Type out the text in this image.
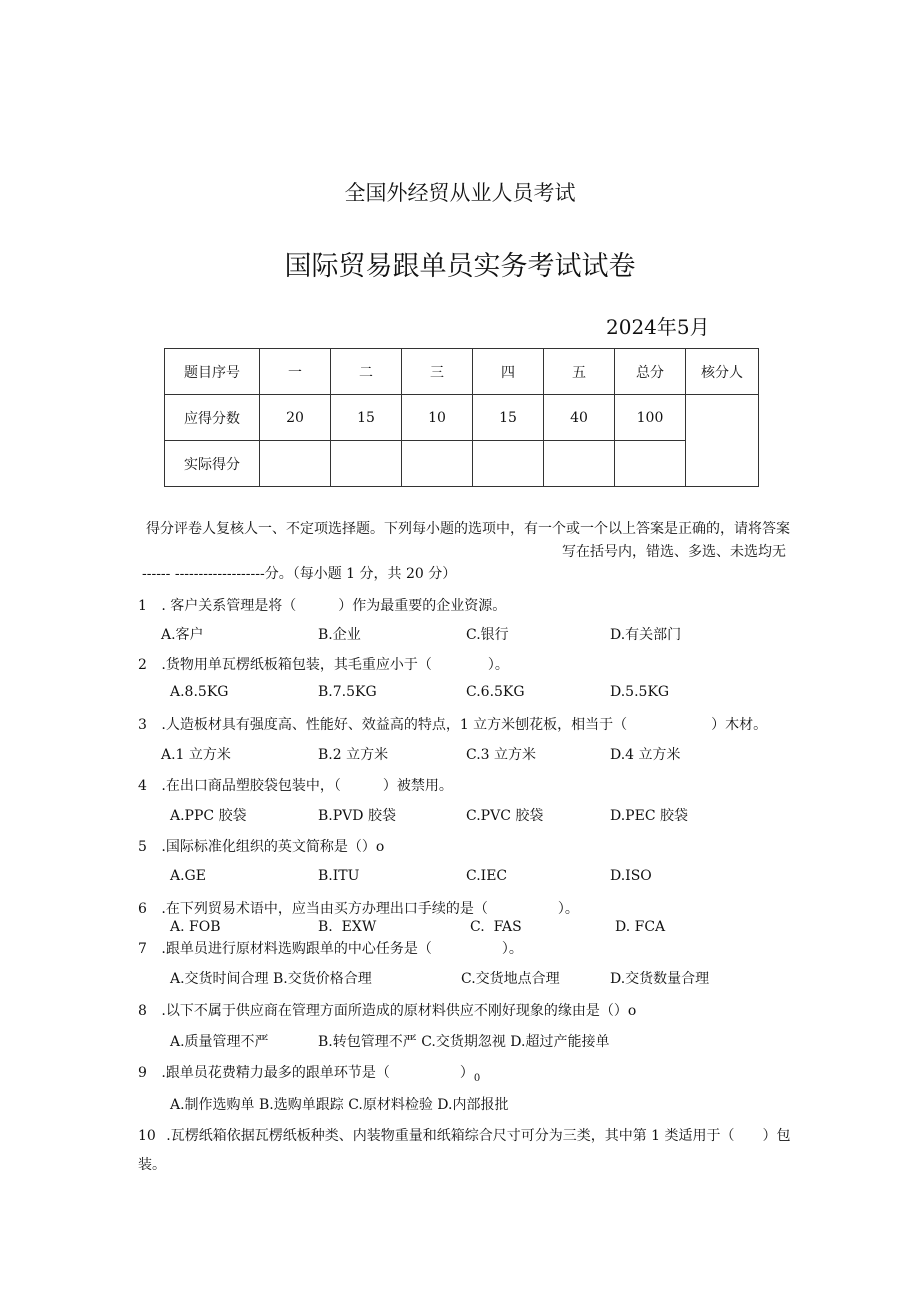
全国外经贸从业人员考试
国际贸易跟单员实务考试试卷
2024年5月
题目序号	一	二	三	四	五	总分	核分人
应得分数	20	15	10	15	40	100	
实际得分							
得分评卷人复核人一、不定项选择题。下列每小题的选项中，有一个或一个以上答案是正确的，请将答案
写在括号内，错选、多选、未选均无
------ -------------------分。（每小题 1 分，共 20 分）
1 . 客户关系管理是将（　　　）作为最重要的企业资源。
A.客户	B.企业	C.银行	D.有关部门
2 .货物用单瓦楞纸板箱包装，其毛重应小于（　　　　）。
A.8.5KG	B.7.5KG	C.6.5KG	D.5.5KG
3 .人造板材具有强度高、性能好、效益高的特点，1 立方米刨花板，相当于（　　　　　　）木材。
A.1 立方米	B.2 立方米	C.3 立方米	D.4 立方米
4 .在出口商品塑胶袋包装中，（　　　）被禁用。
A.PPC 胶袋	B.PVD 胶袋	C.PVC 胶袋	D.PEC 胶袋
5 .国际标准化组织的英文简称是（）o
A.GE	B.ITU	C.IEC	D.ISO
6 .在下列贸易术语中，应当由买方办理出口手续的是（　　　　　）。
A. FOB	B.  EXW	C.  FAS	D. FCA
7 .跟单员进行原材料选购跟单的中心任务是（　　　　　）。
A.交货时间合理 B.交货价格合理	C.交货地点合理	D.交货数量合理
8 .以下不属于供应商在管理方面所造成的原材料供应不刚好现象的缘由是（）o
A.质量管理不严	B.转包管理不严 C.交货期忽视 D.超过产能接单
9 .跟单员花费精力最多的跟单环节是（　　　　　）$_0$
A.制作选购单 B.选购单跟踪 C.原材料检验 D.内部报批
10 .瓦楞纸箱依据瓦楞纸板种类、内装物重量和纸箱综合尺寸可分为三类，其中第 1 类适用于（　　）包
装。
